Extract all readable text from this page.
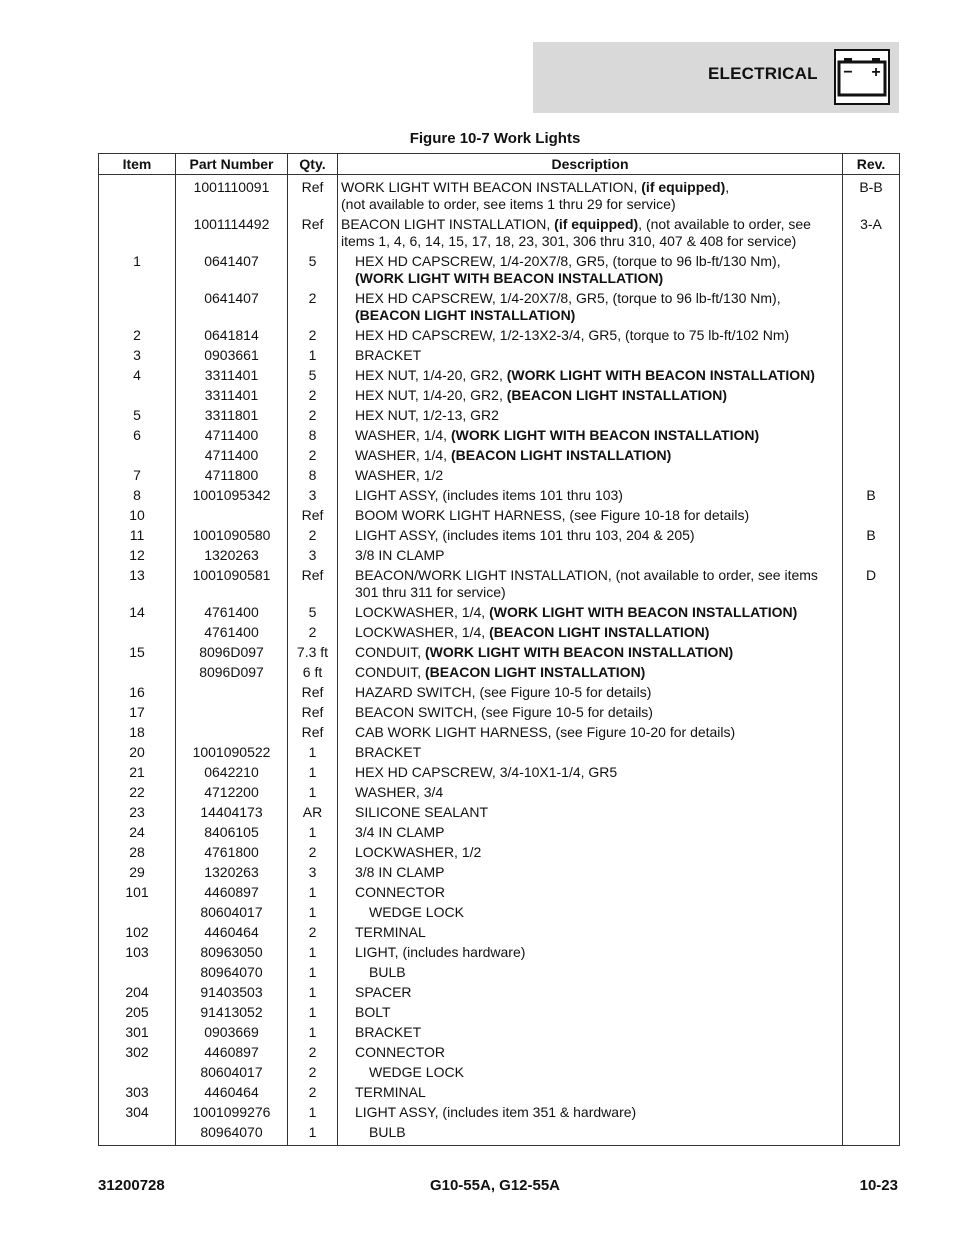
ELECTRICAL − +
Figure 10-7 Work Lights
Item	Part Number	Qty.	Description	Rev.
	1001110091	Ref	WORK LIGHT WITH BEACON INSTALLATION, (if equipped),
(not available to order, see items 1 thru 29 for service)	B-B
	1001114492	Ref	BEACON LIGHT INSTALLATION, (if equipped), (not available to order, see items 1, 4, 6, 14, 15, 17, 18, 23, 301, 306 thru 310, 407 & 408 for service)	3-A
1	0641407	5	HEX HD CAPSCREW, 1/4-20X7/8, GR5, (torque to 96 lb-ft/130 Nm),
(WORK LIGHT WITH BEACON INSTALLATION)	
	0641407	2	HEX HD CAPSCREW, 1/4-20X7/8, GR5, (torque to 96 lb-ft/130 Nm),
(BEACON LIGHT INSTALLATION)	
2	0641814	2	HEX HD CAPSCREW, 1/2-13X2-3/4, GR5, (torque to 75 lb-ft/102 Nm)	
3	0903661	1	BRACKET	
4	3311401	5	HEX NUT, 1/4-20, GR2, (WORK LIGHT WITH BEACON INSTALLATION)	
	3311401	2	HEX NUT, 1/4-20, GR2, (BEACON LIGHT INSTALLATION)	
5	3311801	2	HEX NUT, 1/2-13, GR2	
6	4711400	8	WASHER, 1/4, (WORK LIGHT WITH BEACON INSTALLATION)	
	4711400	2	WASHER, 1/4, (BEACON LIGHT INSTALLATION)	
7	4711800	8	WASHER, 1/2	
8	1001095342	3	LIGHT ASSY, (includes items 101 thru 103)	B
10		Ref	BOOM WORK LIGHT HARNESS, (see Figure 10-18 for details)	
11	1001090580	2	LIGHT ASSY, (includes items 101 thru 103, 204 & 205)	B
12	1320263	3	3/8 IN CLAMP	
13	1001090581	Ref	BEACON/WORK LIGHT INSTALLATION, (not available to order, see items 301 thru 311 for service)	D
14	4761400	5	LOCKWASHER, 1/4, (WORK LIGHT WITH BEACON INSTALLATION)	
	4761400	2	LOCKWASHER, 1/4, (BEACON LIGHT INSTALLATION)	
15	8096D097	7.3 ft	CONDUIT, (WORK LIGHT WITH BEACON INSTALLATION)	
	8096D097	6 ft	CONDUIT, (BEACON LIGHT INSTALLATION)	
16		Ref	HAZARD SWITCH, (see Figure 10-5 for details)	
17		Ref	BEACON SWITCH, (see Figure 10-5 for details)	
18		Ref	CAB WORK LIGHT HARNESS, (see Figure 10-20 for details)	
20	1001090522	1	BRACKET	
21	0642210	1	HEX HD CAPSCREW, 3/4-10X1-1/4, GR5	
22	4712200	1	WASHER, 3/4	
23	14404173	AR	SILICONE SEALANT	
24	8406105	1	3/4 IN CLAMP	
28	4761800	2	LOCKWASHER, 1/2	
29	1320263	3	3/8 IN CLAMP	
101	4460897	1	CONNECTOR	
	80604017	1	WEDGE LOCK	
102	4460464	2	TERMINAL	
103	80963050	1	LIGHT, (includes hardware)	
	80964070	1	BULB	
204	91403503	1	SPACER	
205	91413052	1	BOLT	
301	0903669	1	BRACKET	
302	4460897	2	CONNECTOR	
	80604017	2	WEDGE LOCK	
303	4460464	2	TERMINAL	
304	1001099276	1	LIGHT ASSY, (includes item 351 & hardware)	
	80964070	1	BULB	
31200728	G10-55A, G12-55A	10-23
